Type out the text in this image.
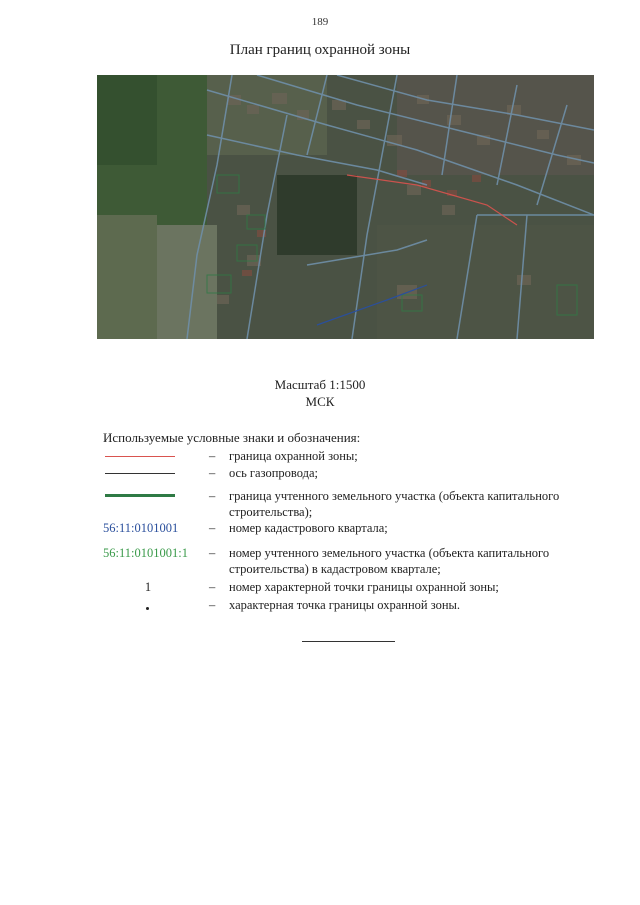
189
План границ охранной зоны
Масштаб 1:1500
МСК
Используемые условные знаки и обозначения:
– граница охранной зоны;
– ось газопровода;
– граница учтенного земельного участка (объекта капитального строительства);
56:11:0101001 – номер кадастрового квартала;
56:11:0101001:1	– номер учтенного земельного участка (объекта капитального строительства) в кадастровом квартале;
1	– номер характерной точки границы охранной зоны;
– характерная точка границы охранной зоны.
